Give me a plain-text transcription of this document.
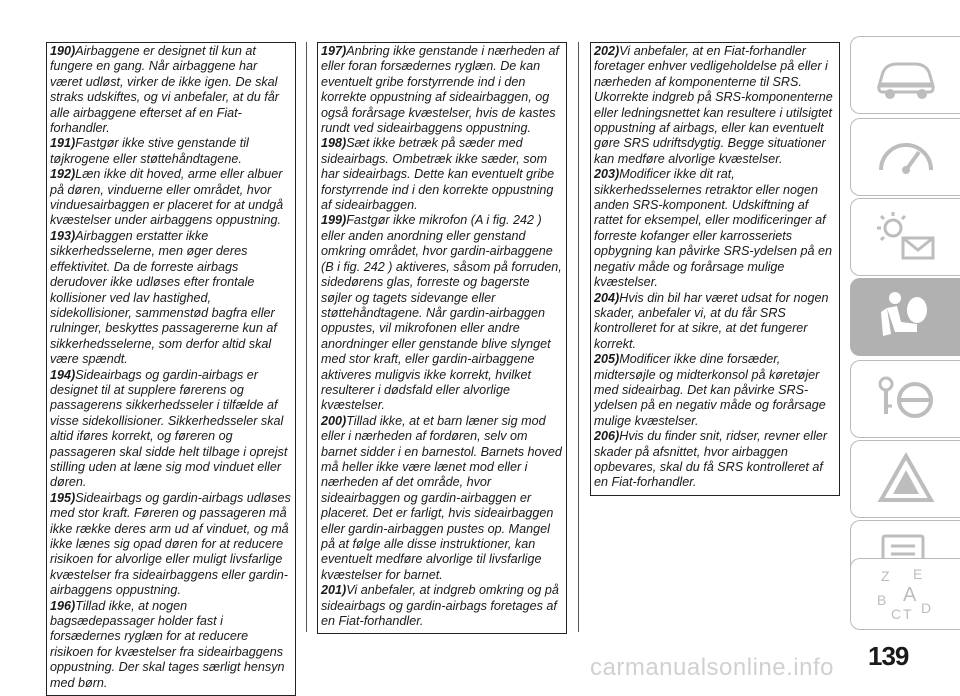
190)Airbaggene er designet til kun at fungere en gang. Når airbaggene har været udløst, virker de ikke igen. De skal straks udskiftes, og vi anbefaler, at du får alle airbaggene efterset af en Fiat-forhandler.

191)Fastgør ikke stive genstande til tøjkrogene eller støttehåndtagene.

192)Læn ikke dit hoved, arme eller albuer på døren, vinduerne eller området, hvor vinduesairbaggen er placeret for at undgå kvæstelser under airbaggens oppustning.

193)Airbaggen erstatter ikke sikkerhedsselerne, men øger deres effektivitet. Da de forreste airbags derudover ikke udløses efter frontale kollisioner ved lav hastighed, sidekollisioner, sammenstød bagfra eller rulninger, beskyttes passagererne kun af sikkerhedsselerne, som derfor altid skal være spændt.

194)Sideairbags og gardin-airbags er designet til at supplere førerens og passagerens sikkerhedsseler i tilfælde af visse sidekollisioner. Sikkerhedsseler skal altid iføres korrekt, og føreren og passageren skal sidde helt tilbage i oprejst stilling uden at læne sig mod vinduet eller døren.

195)Sideairbags og gardin-airbags udløses med stor kraft. Føreren og passageren må ikke række deres arm ud af vinduet, og må ikke lænes sig opad døren for at reducere risikoen for alvorlige eller muligt livsfarlige kvæstelser fra sideairbaggens eller gardin-airbaggens oppustning.

196)Tillad ikke, at nogen bagsædepassager holder fast i forsædernes ryglæn for at reducere risikoen for kvæstelser fra sideairbaggens oppustning. Der skal tages særligt hensyn med børn.

197)Anbring ikke genstande i nærheden af eller foran forsædernes ryglæn. De kan eventuelt gribe forstyrrende ind i den korrekte oppustning af sideairbaggen, og også forårsage kvæstelser, hvis de kastes rundt ved sideairbaggens oppustning.

198)Sæt ikke betræk på sæder med sideairbags. Ombetræk ikke sæder, som har sideairbags. Dette kan eventuelt gribe forstyrrende ind i den korrekte oppustning af sideairbaggen.

199)Fastgør ikke mikrofon (A i fig. 242 ) eller anden anordning eller genstand omkring området, hvor gardin-airbaggene (B i fig. 242 ) aktiveres, såsom på forruden, sidedørens glas, forreste og bagerste søjler og tagets sidevange eller støttehåndtagene. Når gardin-airbaggen oppustes, vil mikrofonen eller andre anordninger eller genstande blive slynget med stor kraft, eller gardin-airbaggene aktiveres muligvis ikke korrekt, hvilket resulterer i dødsfald eller alvorlige kvæstelser.

200)Tillad ikke, at et barn læner sig mod eller i nærheden af fordøren, selv om barnet sidder i en barnestol. Barnets hoved må heller ikke være lænet mod eller i nærheden af det område, hvor sideairbaggen og gardin-airbaggen er placeret. Det er farligt, hvis sideairbaggen eller gardin-airbaggen pustes op. Mangel på at følge alle disse instruktioner, kan eventuelt medføre alvorlige til livsfarlige kvæstelser for barnet.

201)Vi anbefaler, at indgreb omkring og på sideairbags og gardin-airbags foretages af en Fiat-forhandler.

202)Vi anbefaler, at en Fiat-forhandler foretager enhver vedligeholdelse på eller i nærheden af komponenterne til SRS. Ukorrekte indgreb på SRS-komponenterne eller ledningsnettet kan resultere i utilsigtet oppustning af airbags, eller kan eventuelt gøre SRS udriftsdygtig. Begge situationer kan medføre alvorlige kvæstelser.

203)Modificer ikke dit rat, sikkerhedsselernes retraktor eller nogen anden SRS-komponent. Udskiftning af rattet for eksempel, eller modificeringer af forreste kofanger eller karrosseriets opbygning kan påvirke SRS-ydelsen på en negativ måde og forårsage mulige kvæstelser.

204)Hvis din bil har været udsat for nogen skader, anbefaler vi, at du får SRS kontrolleret for at sikre, at det fungerer korrekt.

205)Modificer ikke dine forsæder, midtersøjle og midterkonsol på køretøjer med sideairbag. Det kan påvirke SRS-ydelsen på en negativ måde og forårsage mulige kvæstelser.

206)Hvis du finder snit, ridser, revner eller skader på afsnittet, hvor airbaggen opbevares, skal du få SRS kontrolleret af en Fiat-forhandler.

Z E
A
B
C T D
139
carmanualsonline.info
